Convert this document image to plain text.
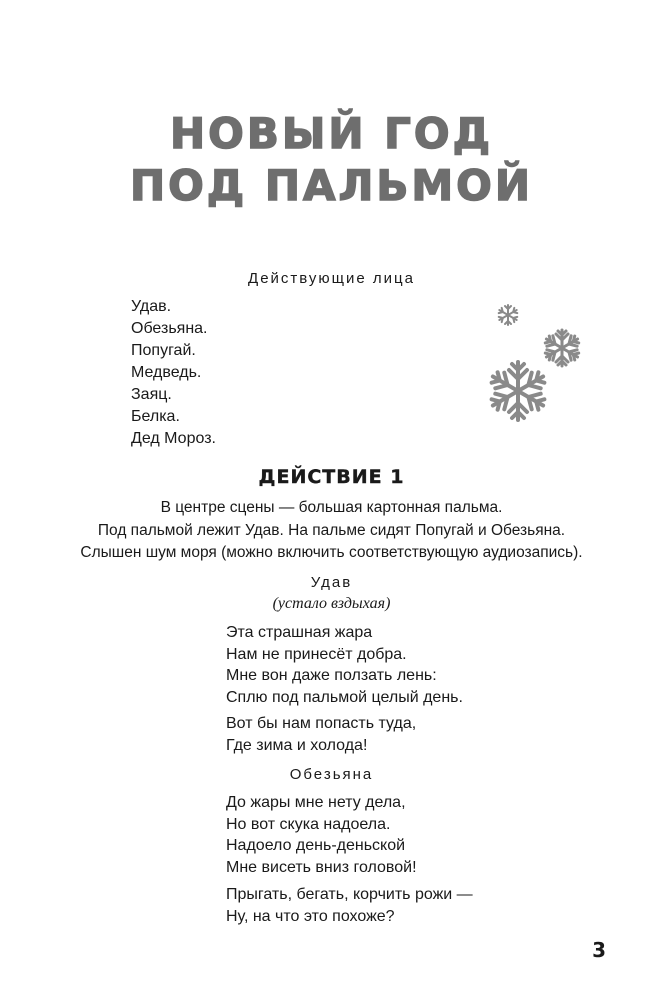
НОВЫЙ ГОД
ПОД ПАЛЬМОЙ
Действующие лица
Удав.
Обезьяна.
Попугай.
Медведь.
Заяц.
Белка.
Дед Мороз.
ДЕЙСТВИЕ 1
В центре сцены — большая картонная пальма.
Под пальмой лежит Удав. На пальме сидят Попугай и Обезьяна.
Слышен шум моря (можно включить соответствующую аудиозапись).
Удав
(устало вздыхая)
Эта страшная жара
Нам не принесёт добра.
Мне вон даже ползать лень:
Сплю под пальмой целый день.
Вот бы нам попасть туда,
Где зима и холода!
Обезьяна
До жары мне нету дела,
Но вот скука надоела.
Надоело день-деньской
Мне висеть вниз головой!
Прыгать, бегать, корчить рожи —
Ну, на что это похоже?
3
